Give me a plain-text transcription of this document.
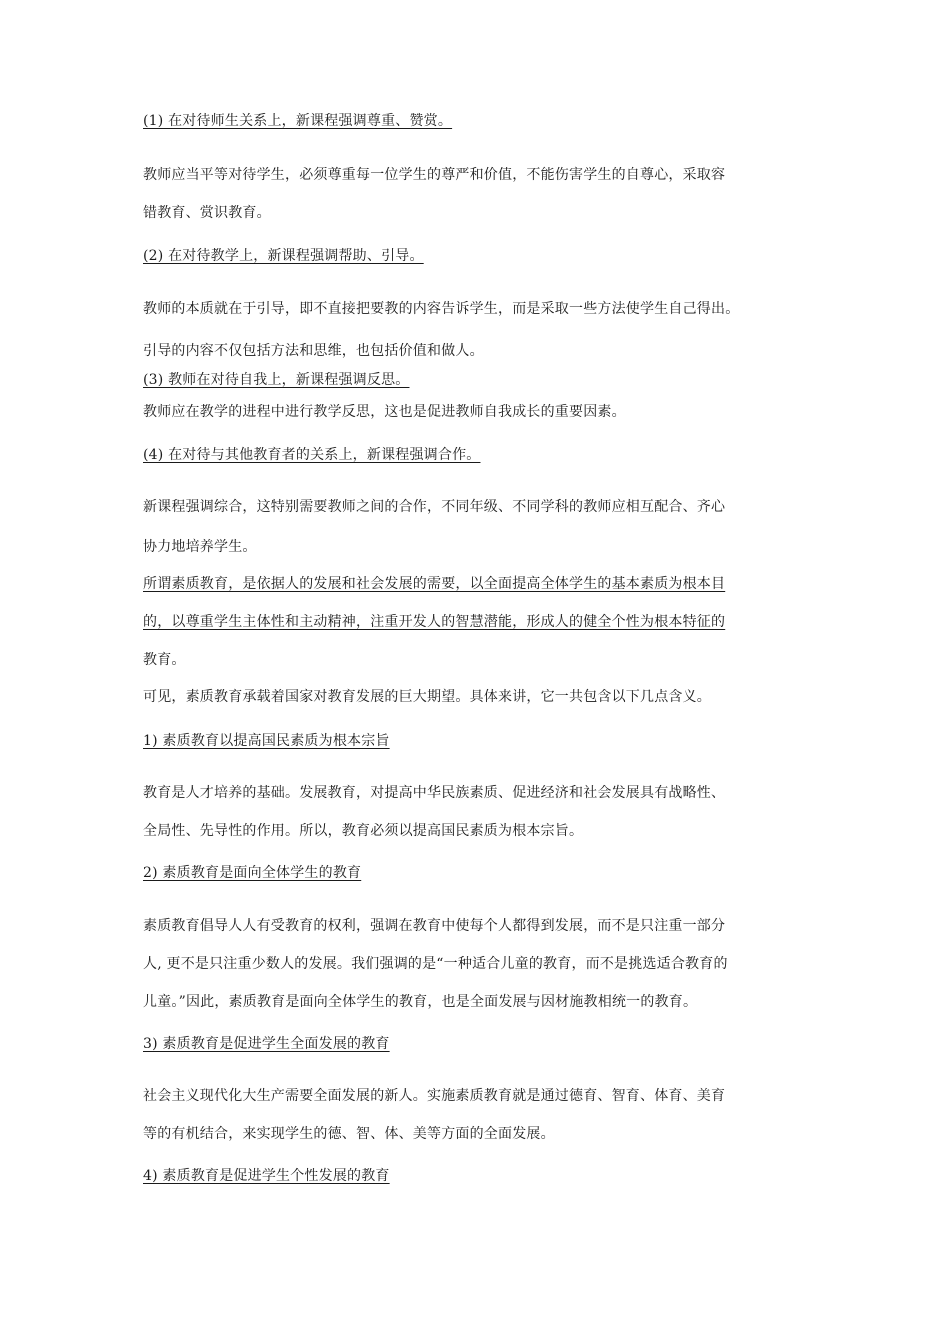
(1) 在对待师生关系上，新课程强调尊重、赞赏。
教师应当平等对待学生，必须尊重每一位学生的尊严和价值，不能伤害学生的自尊心，采取容
错教育、赏识教育。
(2) 在对待教学上，新课程强调帮助、引导。
教师的本质就在于引导，即不直接把要教的内容告诉学生，而是采取一些方法使学生自己得出。
引导的内容不仅包括方法和思维，也包括价值和做人。
(3) 教师在对待自我上，新课程强调反思。
教师应在教学的进程中进行教学反思，这也是促进教师自我成长的重要因素。
(4) 在对待与其他教育者的关系上，新课程强调合作。
新课程强调综合，这特别需要教师之间的合作，不同年级、不同学科的教师应相互配合、齐心
协力地培养学生。
所谓素质教育，是依据人的发展和社会发展的需要，以全面提高全体学生的基本素质为根本目
的，以尊重学生主体性和主动精神，注重开发人的智慧潜能，形成人的健全个性为根本特征的
教育。
可见，素质教育承载着国家对教育发展的巨大期望。具体来讲，它一共包含以下几点含义。
1) 素质教育以提高国民素质为根本宗旨
教育是人才培养的基础。发展教育，对提高中华民族素质、促进经济和社会发展具有战略性、
全局性、先导性的作用。所以，教育必须以提高国民素质为根本宗旨。
2) 素质教育是面向全体学生的教育
素质教育倡导人人有受教育的权利，强调在教育中使每个人都得到发展，而不是只注重一部分
人, 更不是只注重少数人的发展。我们强调的是“一种适合儿童的教育，而不是挑选适合教育的
儿童。”因此，素质教育是面向全体学生的教育，也是全面发展与因材施教相统一的教育。
3) 素质教育是促进学生全面发展的教育
社会主义现代化大生产需要全面发展的新人。实施素质教育就是通过德育、智育、体育、美育
等的有机结合，来实现学生的德、智、体、美等方面的全面发展。
4) 素质教育是促进学生个性发展的教育
